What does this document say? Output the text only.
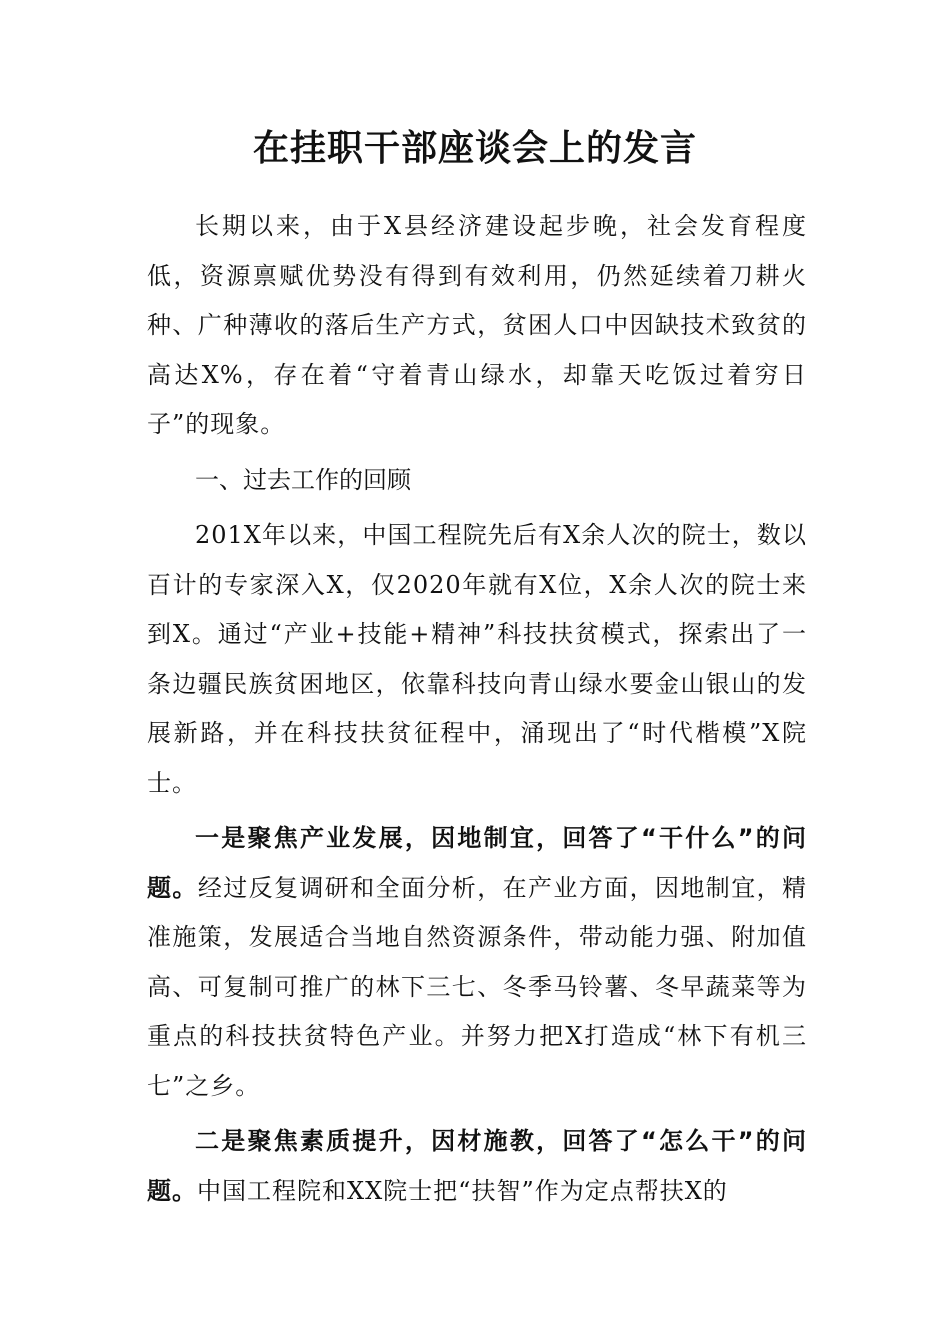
在挂职干部座谈会上的发言

长期以来，由于X县经济建设起步晚，社会发育程度低，资源禀赋优势没有得到有效利用，仍然延续着刀耕火种、广种薄收的落后生产方式，贫困人口中因缺技术致贫的高达X%，存在着“守着青山绿水，却靠天吃饭过着穷日子”的现象。

一、过去工作的回顾

201X年以来，中国工程院先后有X余人次的院士，数以百计的专家深入X，仅2020年就有X位，X余人次的院士来到X。通过“产业+技能+精神”科技扶贫模式，探索出了一条边疆民族贫困地区，依靠科技向青山绿水要金山银山的发展新路，并在科技扶贫征程中，涌现出了“时代楷模”X院士。

一是聚焦产业发展，因地制宜，回答了“干什么”的问题。经过反复调研和全面分析，在产业方面，因地制宜，精准施策，发展适合当地自然资源条件，带动能力强、附加值高、可复制可推广的林下三七、冬季马铃薯、冬早蔬菜等为重点的科技扶贫特色产业。并努力把X打造成“林下有机三七”之乡。

二是聚焦素质提升，因材施教，回答了“怎么干”的问题。中国工程院和XX院士把“扶智”作为定点帮扶X的
